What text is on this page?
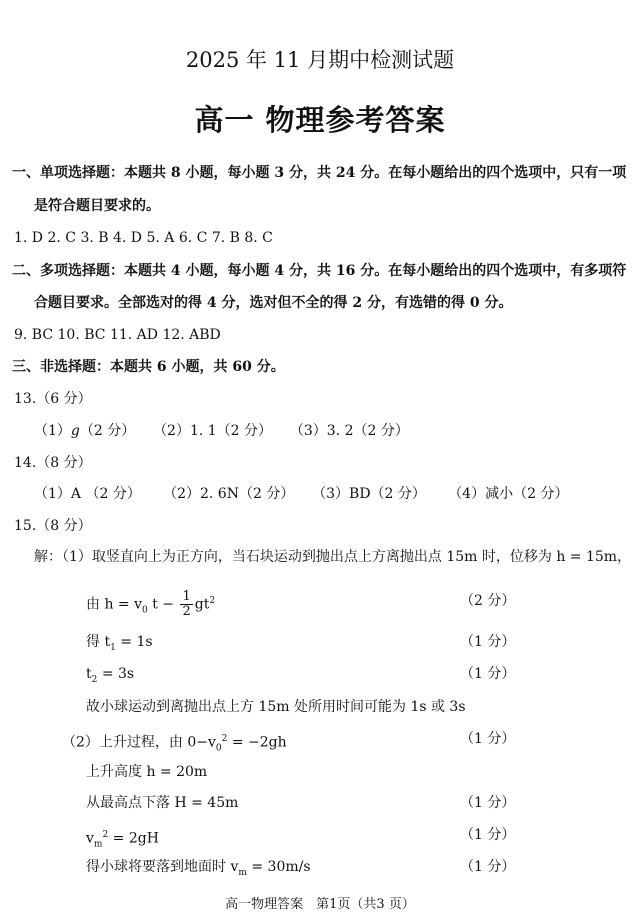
2025 年 11 月期中检测试题
高一 物理参考答案
一、单项选择题：本题共 8 小题，每小题 3 分，共 24 分。在每小题给出的四个选项中，只有一项
是符合题目要求的。
1. D 2. C 3. B 4. D 5. A 6. C 7. B 8. C
二、多项选择题：本题共 4 小题，每小题 4 分，共 16 分。在每小题给出的四个选项中，有多项符
合题目要求。全部选对的得 4 分，选对但不全的得 2 分，有选错的得 0 分。
9. BC 10. BC 11. AD 12. ABD
三、非选择题：本题共 6 小题，共 60 分。
13.（6 分）
（1）g（2 分） （2）1. 1（2 分） （3）3. 2（2 分）
14.（8 分）
（1）A （2 分） （2）2. 6N（2 分） （3）BD（2 分） （4）减小（2 分）
15.（8 分）
解：（1）取竖直向上为正方向，当石块运动到抛出点上方离抛出点 15m 时，位移为 h = 15m，
由 $h = v_0$ $t - \frac{1}{2} gt^2$	（2 分）
得 $t_1 = 1s$	（1 分）
$t_2 = 3s$	（1 分）
故小球运动到离抛出点上方 15m 处所用时间可能为 1s 或 3s
（2）上升过程，由 $0-v_0^2 = -2gh$	（1 分）
上升高度 h = 20m
从最高点下落 H = 45m	（1 分）
$v_m^2 = 2gH$	（1 分）
得小球将要落到地面时 $v_m = 30m/s$	（1 分）
高一物理答案　第1页（共3 页）
